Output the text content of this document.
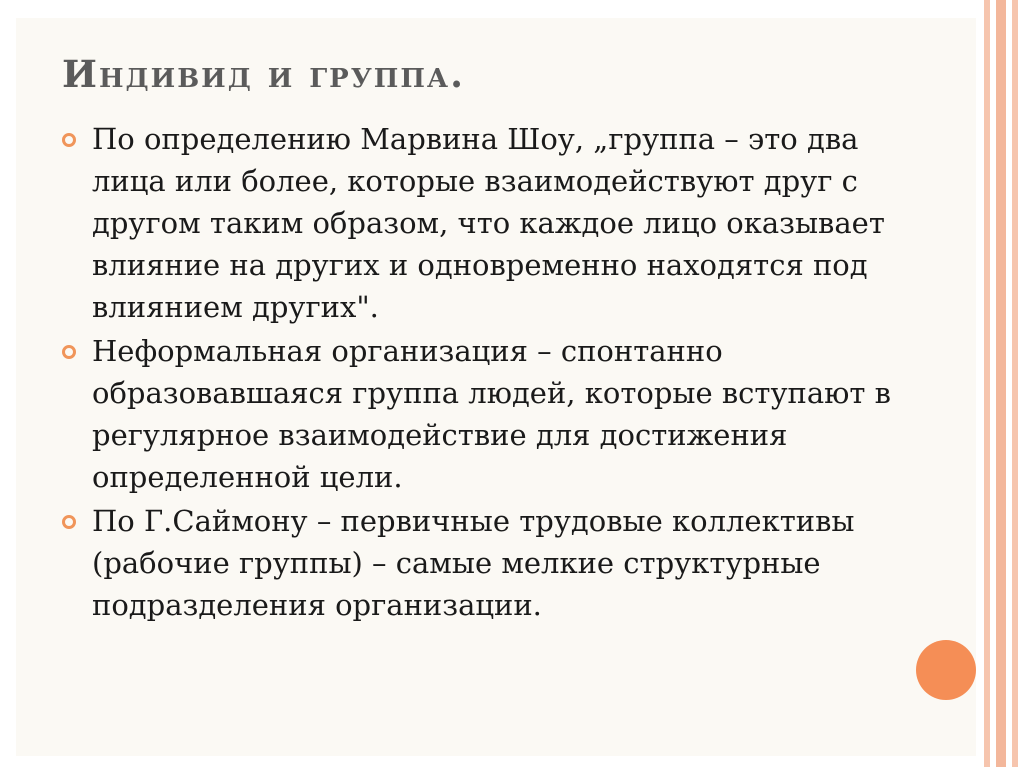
Индивид и группа.
По определению Марвина Шоу, „группа – это два лица или более, которые взаимодействуют друг с другом таким образом, что каждое лицо оказывает влияние на других и одновременно находятся под влиянием других".
Неформальная организация – спонтанно образовавшаяся группа людей, которые вступают в регулярное взаимодействие для достижения определенной цели.
По Г.Саймону – первичные трудовые коллективы (рабочие группы) – самые мелкие структурные подразделения организации.
